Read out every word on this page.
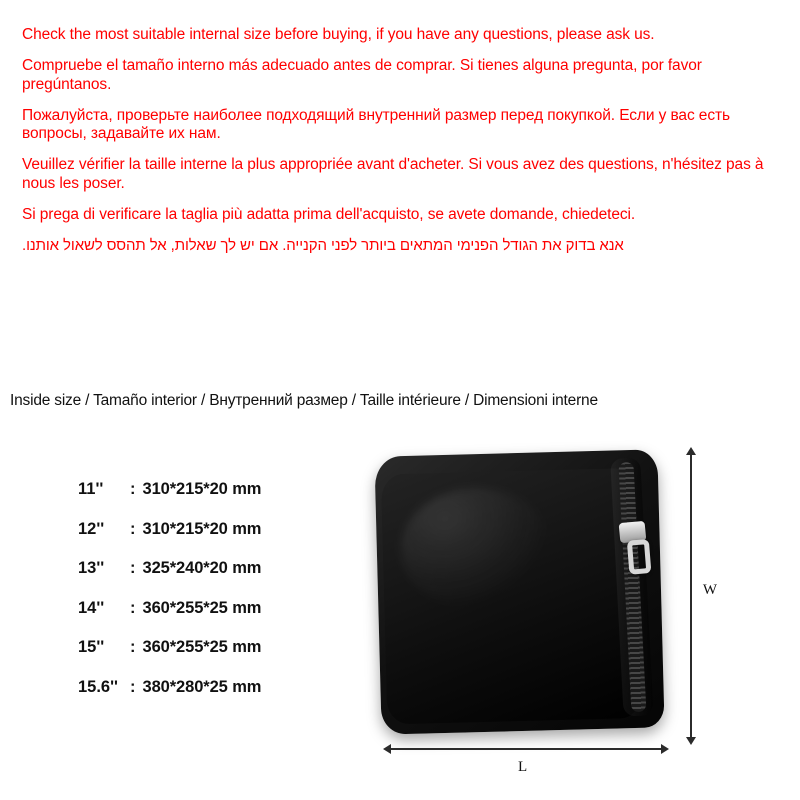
Check the most suitable internal size before buying, if you have any questions, please ask us.
Compruebe el tamaño interno más adecuado antes de comprar. Si tienes alguna pregunta, por favor pregúntanos.
Пожалуйста, проверьте наиболее подходящий внутренний размер перед покупкой. Если у вас есть вопросы, задавайте их нам.
Veuillez vérifier la taille interne la plus appropriée avant d'acheter. Si vous avez des questions, n'hésitez pas à nous les poser.
Si prega di verificare la taglia più adatta prima dell'acquisto, se avete domande, chiedeteci.
אנא בדוק את הגודל הפנימי המתאים ביותר לפני הקנייה. אם יש לך שאלות, אל תהסס לשאול אותנו.
Inside size / Tamaño interior / Внутренний размер / Taille intérieure / Dimensioni interne
11''	: 310*215*20 mm
12''	: 310*215*20 mm
13''	: 325*240*20 mm
14''	: 360*255*25 mm
15''	: 360*255*25 mm
15.6'' : 380*280*25 mm
W
L
